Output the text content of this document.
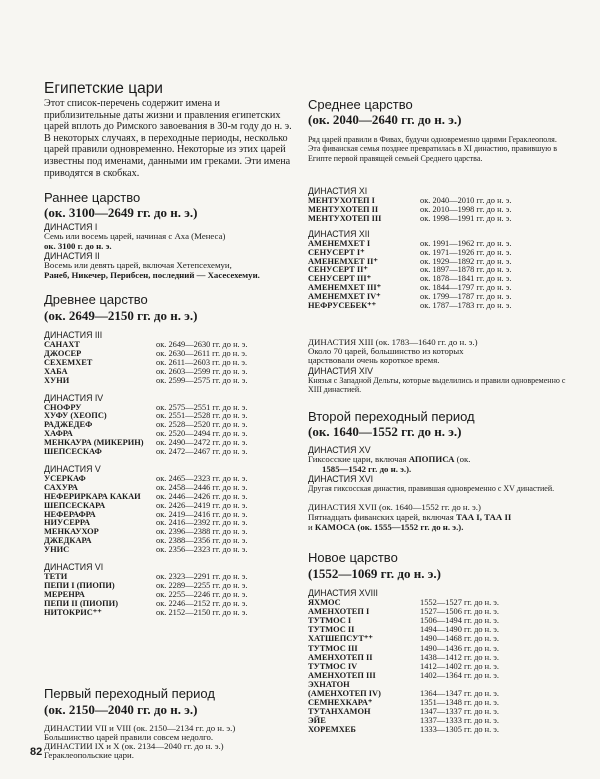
82
Египетские цари
Этот список-перечень содержит имена и приблизительные даты жизни и правления египетских царей вплоть до Римского завоевания в 30-м году до н. э. В некоторых случаях, в переходные периоды, несколько царей правили одновременно. Некоторые из этих царей известны под именами, данными им греками. Эти имена приводятся в скобках.
Раннее царство
(ок. 3100—2649 гг. до н. э.)
ДИНАСТИЯ I
Семь или восемь царей, начиная с Аха (Менеса)
ок. 3100 г. до н. э.
ДИНАСТИЯ II
Восемь или девять царей, включая Хетепсехемуи,
Ранеб, Никечер, Перибсен, последний — Хасесехемуи.
Древнее царство
(ок. 2649—2150 гг. до н. э.)
ДИНАСТИЯ III
САНАХТ	ок. 2649—2630 гг. до н. э.
ДЖОСЕР	ок. 2630—2611 гг. до н. э.
СЕХЕМХЕТ	ок. 2611—2603 гг. до н. э.
ХАБА	ок. 2603—2599 гг. до н. э.
ХУНИ	ок. 2599—2575 гг. до н. э.
ДИНАСТИЯ IV
СНОФРУ	ок. 2575—2551 гг. до н. э.
ХУФУ (ХЕОПС)	ок. 2551—2528 гг. до н. э.
РАДЖЕДЕФ	ок. 2528—2520 гг. до н. э.
ХАФРА	ок. 2520—2494 гг. до н. э.
МЕНКАУРА (МИКЕРИН) ок. 2490—2472 гг. до н. э.
ШЕПСЕСКАФ	ок. 2472—2467 гг. до н. э.
ДИНАСТИЯ V
УСЕРКАФ	ок. 2465—2323 гг. до н. э.
САХУРА	ок. 2458—2446 гг. до н. э.
НЕФЕРИРКАРА КАКАИ ок. 2446—2426 гг. до н. э.
ШЕПСЕСКАРА	ок. 2426—2419 гг. до н. э.
НЕФЕРАФРА	ок. 2419—2416 гг. до н. э.
НИУСЕРРА	ок. 2416—2392 гг. до н. э.
МЕНКАУХОР	ок. 2396—2388 гг. до н. э.
ДЖЕДКАРА	ок. 2388—2356 гг. до н. э.
УНИС	ок. 2356—2323 гг. до н. э.
ДИНАСТИЯ VI
ТЕТИ	ок. 2323—2291 гг. до н. э.
ПЕПИ I (ПИОПИ)	ок. 2289—2255 гг. до н. э.
МЕРЕНРА	ок. 2255—2246 гг. до н. э.
ПЕПИ II (ПИОПИ)	ок. 2246—2152 гг. до н. э.
НИТОКРИС⁺⁺	ок. 2152—2150 гг. до н. э.
Первый переходный период
(ок. 2150—2040 гг. до н. э.)
ДИНАСТИИ VII и VIII (ок. 2150—2134 гг. до н. э.)
Большинство царей правили совсем недолго.
ДИНАСТИИ IX и X (ок. 2134—2040 гг. до н. э.)
Гераклеопольские цари.
Среднее царство
(ок. 2040—2640 гг. до н. э.)
Ряд царей правили в Фивах, будучи одновременно царями Гераклеополя. Эта фиванская семья позднее превратилась в XI династию, правившую в Египте первой правящей семьей Среднего царства.
ДИНАСТИЯ XI
МЕНТУХОТЕП I	ок. 2040—2010 гг. до н. э.
МЕНТУХОТЕП II	ок. 2010—1998 гг. до н. э.
МЕНТУХОТЕП III	ок. 1998—1991 гг. до н. э.
ДИНАСТИЯ XII
АМЕНЕМХЕТ I	ок. 1991—1962 гг. до н. э.
СЕНУСЕРТ I⁺	ок. 1971—1926 гг. до н. э.
АМЕНЕМХЕТ II⁺	ок. 1929—1892 гг. до н. э.
СЕНУСЕРТ II⁺	ок. 1897—1878 гг. до н. э.
СЕНУСЕРТ III⁺	ок. 1878—1841 гг. до н. э.
АМЕНЕМХЕТ III⁺	ок. 1844—1797 гг. до н. э.
АМЕНЕМХЕТ IV⁺	ок. 1799—1787 гг. до н. э.
НЕФРУСЕБЕК⁺⁺	ок. 1787—1783 гг. до н. э.
ДИНАСТИЯ XIII (ок. 1783—1640 гг. до н. э.)
Около 70 царей, большинство из которых
царствовали очень короткое время.
ДИНАСТИЯ XIV
Князья с Западной Дельты, которые выделились и правили одновременно с XIII династией.
Второй переходный период
(ок. 1640—1552 гг. до н. э.)
ДИНАСТИЯ XV
Гиксосские цари, включая АПОПИСА (ок.
1585—1542 гг. до н. э.).
ДИНАСТИЯ XVI
Другая гиксосская династия, правившая одновременно с XV династией.
ДИНАСТИЯ XVII (ок. 1640—1552 гг. до н. э.)
Пятнадцать фиванских царей, включая ТАА I, ТАА II
и КАМОСА (ок. 1555—1552 гг. до н. э.).
Новое царство
(1552—1069 гг. до н. э.)
ДИНАСТИЯ XVIII
ЯХМОС	1552—1527 гг. до н. э.
АМЕНХОТЕП I	1527—1506 гг. до н. э.
ТУТМОС I	1506—1494 гг. до н. э.
ТУТМОС II	1494—1490 гг. до н. э.
ХАТШЕПСУТ⁺⁺	1490—1468 гг. до н. э.
ТУТМОС III	1490—1436 гг. до н. э.
АМЕНХОТЕП II	1438—1412 гг. до н. э.
ТУТМОС IV	1412—1402 гг. до н. э.
АМЕНХОТЕП III	1402—1364 гг. до н. э.
ЭХНАТОН
(АМЕНХОТЕП IV)	1364—1347 гг. до н. э.
СЕМНЕХКАРА⁺	1351—1348 гг. до н. э.
ТУТАНХАМОН	1347—1337 гг. до н. э.
ЭЙЕ	1337—1333 гг. до н. э.
ХОРЕМХЕБ	1333—1305 гг. до н. э.
